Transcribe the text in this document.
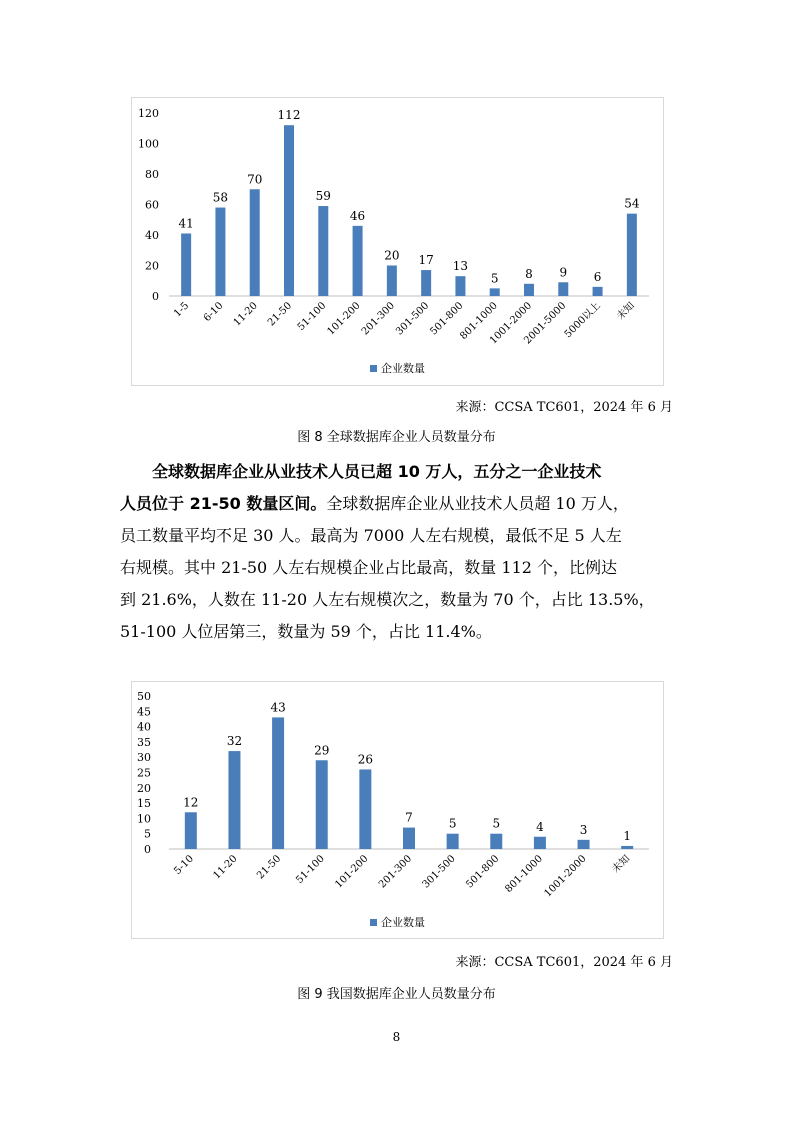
0
20
40
60
80
100
120
41
1-5
58
6-10
70
11-20
112
21-50
59
51-100
46
101-200
20
201-300
17
301-500
13
501-800
5
801-1000
8
1001-2000
9
2001-5000
6
5000以上
54
未知
企业数量
来源：CCSA TC601，2024 年 6 月
图 8 全球数据库企业人员数量分布
全球数据库企业从业技术人员已超 10 万人，五分之一企业技术
人员位于 21-50 数量区间。全球数据库企业从业技术人员超 10 万人，
员工数量平均不足 30 人。最高为 7000 人左右规模，最低不足 5 人左
右规模。其中 21-50 人左右规模企业占比最高，数量 112 个，比例达
到 21.6%，人数在 11-20 人左右规模次之，数量为 70 个，占比 13.5%，
51-100 人位居第三，数量为 59 个，占比 11.4%。
0
5
10
15
20
25
30
35
40
45
50
12
5-10
32
11-20
43
21-50
29
51-100
26
101-200
7
201-300
5
301-500
5
501-800
4
801-1000
3
1001-2000
1
未知
企业数量
来源：CCSA TC601，2024 年 6 月
图 9 我国数据库企业人员数量分布
8
